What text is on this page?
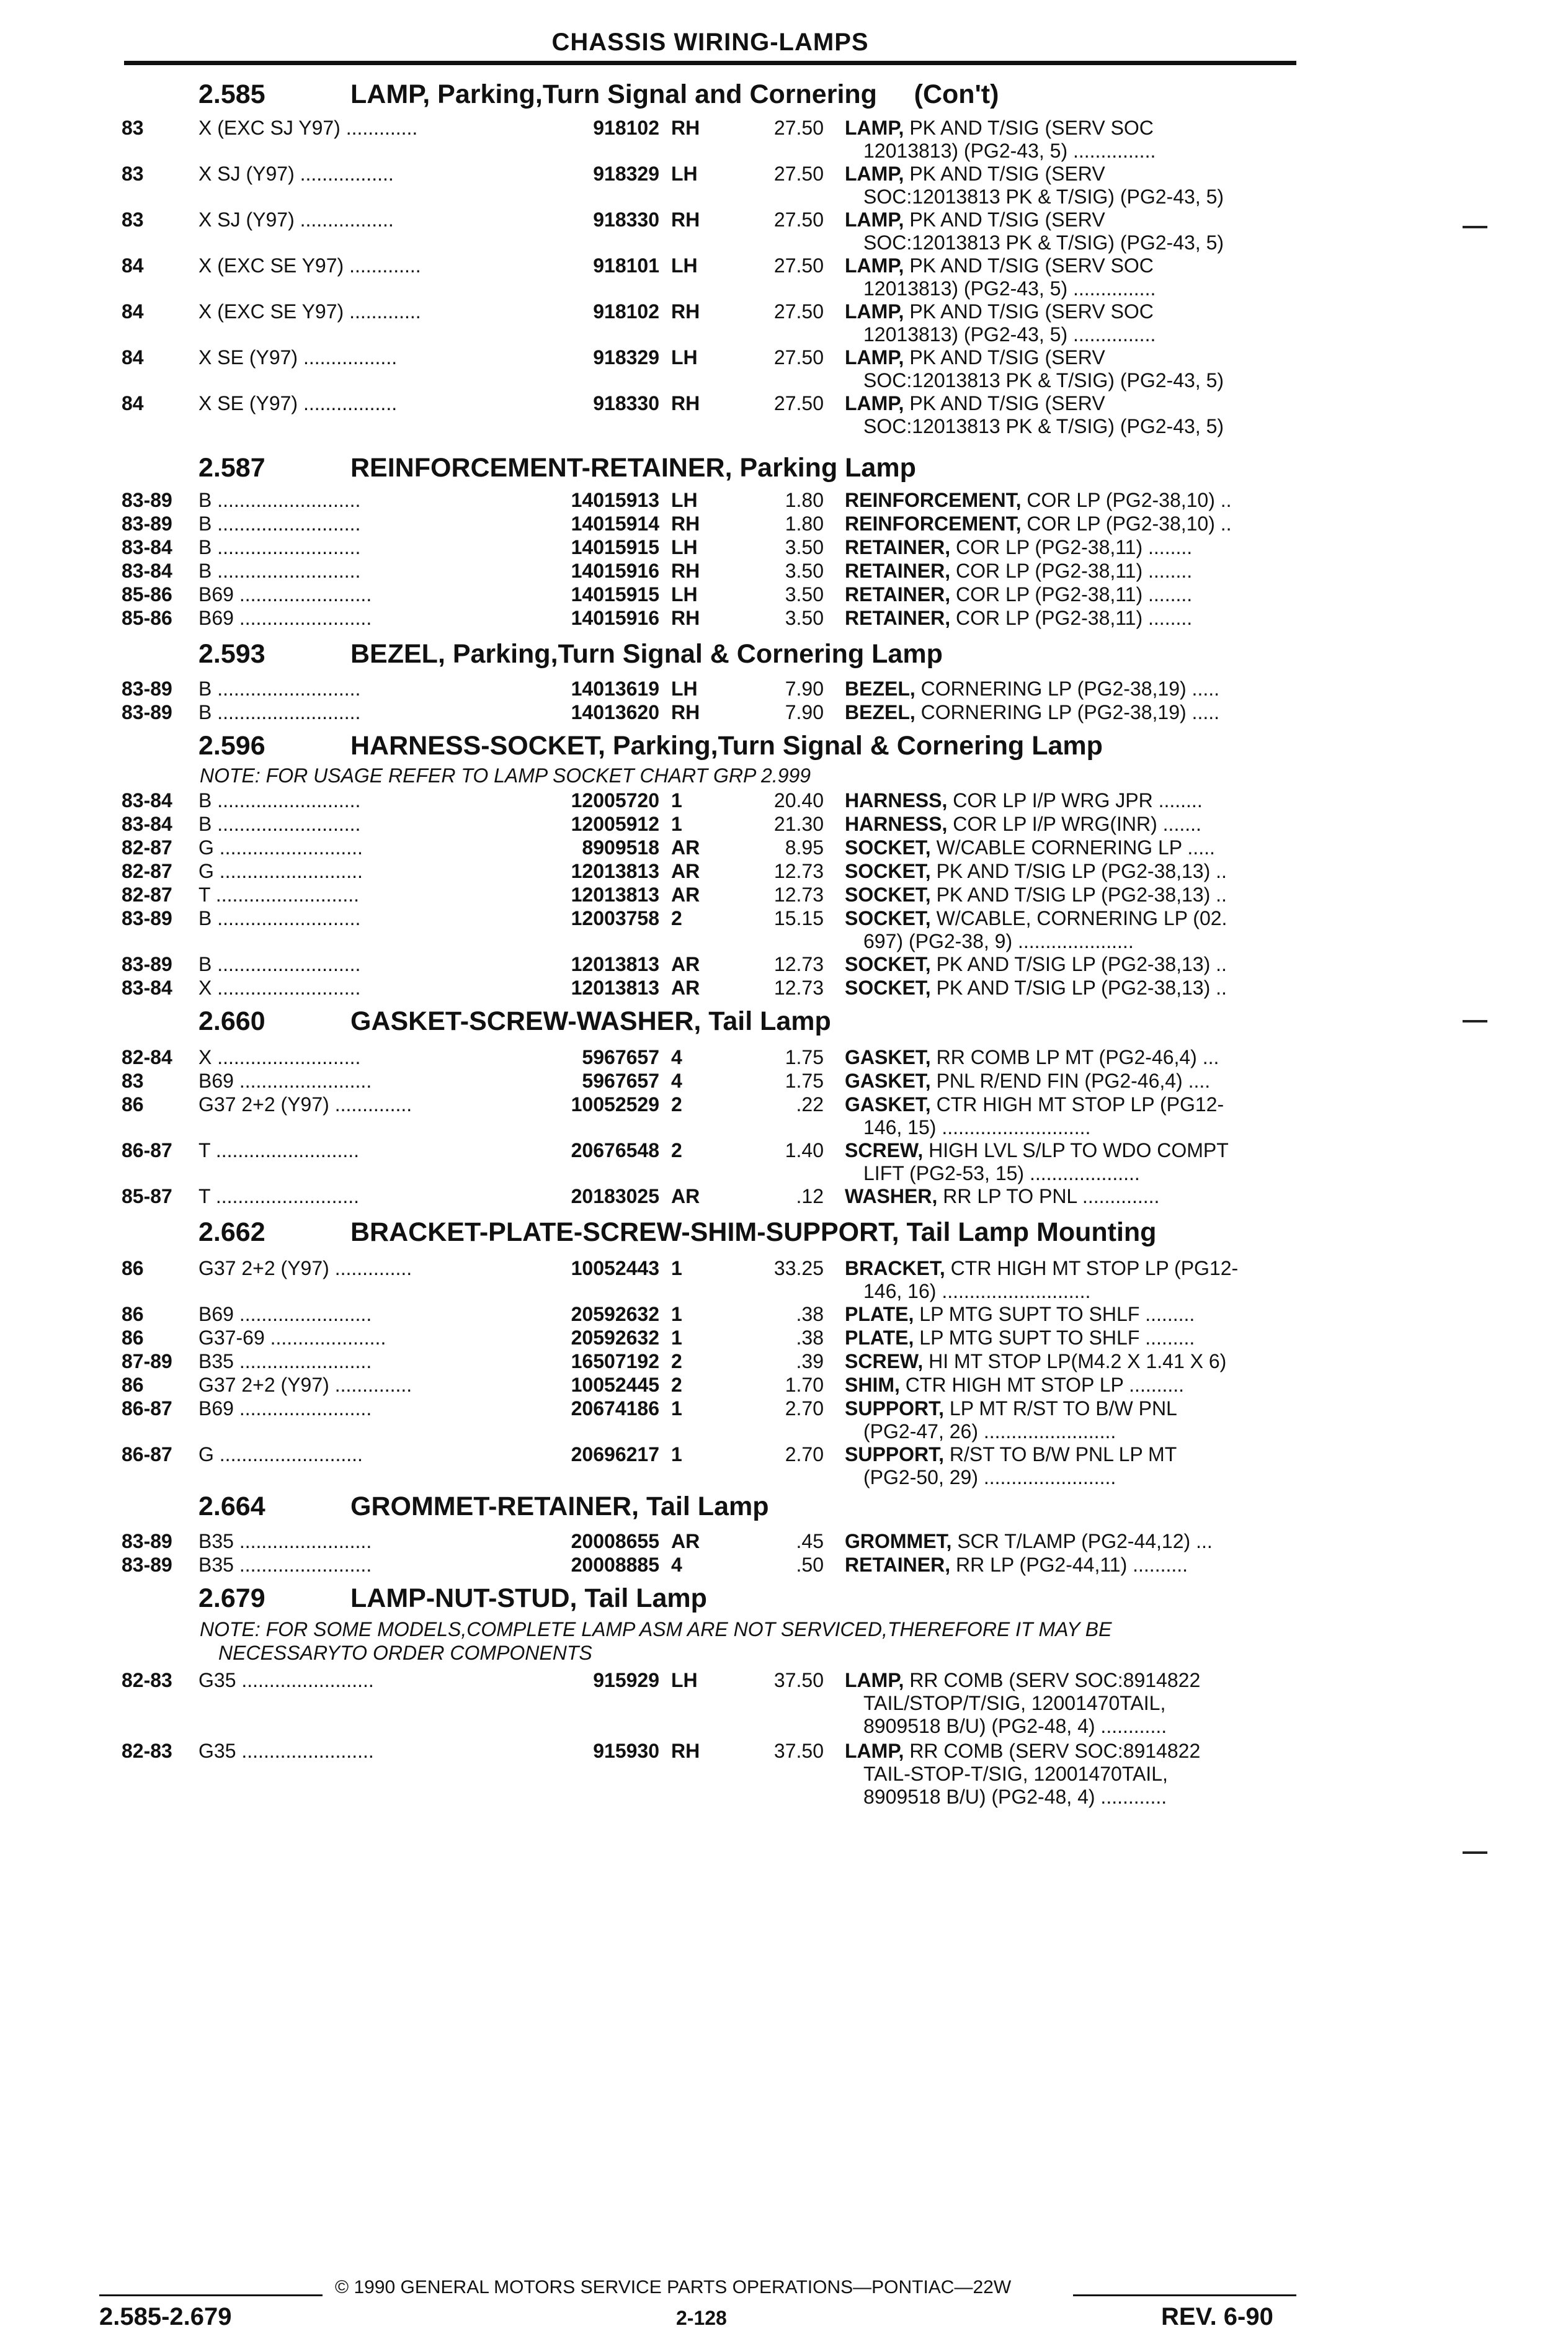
CHASSIS WIRING-LAMPS
2.585	LAMP, Parking,Turn Signal and Cornering     (Con't)
83	X (EXC SJ Y97) .............	918102 RH	27.50 LAMP, PK AND T/SIG (SERV SOC
12013813) (PG2-43, 5) ...............
83	X SJ (Y97) .................	918329 LH	27.50 LAMP, PK AND T/SIG (SERV
SOC:12013813 PK & T/SIG) (PG2-43, 5)
83	X SJ (Y97) .................	918330 RH	27.50 LAMP, PK AND T/SIG (SERV
SOC:12013813 PK & T/SIG) (PG2-43, 5)
84	X (EXC SE Y97) .............	918101 LH	27.50 LAMP, PK AND T/SIG (SERV SOC
12013813) (PG2-43, 5) ...............
84	X (EXC SE Y97) .............	918102 RH	27.50 LAMP, PK AND T/SIG (SERV SOC
12013813) (PG2-43, 5) ...............
84	X SE (Y97) .................	918329 LH	27.50 LAMP, PK AND T/SIG (SERV
SOC:12013813 PK & T/SIG) (PG2-43, 5)
84	X SE (Y97) .................	918330 RH	27.50 LAMP, PK AND T/SIG (SERV
SOC:12013813 PK & T/SIG) (PG2-43, 5)
2.587	REINFORCEMENT-RETAINER, Parking Lamp
83-89 B ..........................	14015913 LH	1.80 REINFORCEMENT, COR LP (PG2-38,10) ..
83-89 B ..........................	14015914 RH	1.80 REINFORCEMENT, COR LP (PG2-38,10) ..
83-84 B ..........................	14015915 LH	3.50 RETAINER, COR LP (PG2-38,11) ........
83-84 B ..........................	14015916 RH	3.50 RETAINER, COR LP (PG2-38,11) ........
85-86 B69 ........................	14015915 LH	3.50 RETAINER, COR LP (PG2-38,11) ........
85-86 B69 ........................	14015916 RH	3.50 RETAINER, COR LP (PG2-38,11) ........
2.593	BEZEL, Parking,Turn Signal & Cornering Lamp
83-89 B ..........................	14013619 LH	7.90 BEZEL, CORNERING LP (PG2-38,19) .....
83-89 B ..........................	14013620 RH	7.90 BEZEL, CORNERING LP (PG2-38,19) .....
2.596	HARNESS-SOCKET, Parking,Turn Signal & Cornering Lamp
NOTE: FOR USAGE REFER TO LAMP SOCKET CHART GRP 2.999
83-84 B ..........................	12005720 1	20.40 HARNESS, COR LP I/P WRG JPR ........
83-84 B ..........................	12005912 1	21.30 HARNESS, COR LP I/P WRG(INR) .......
82-87 G ..........................	8909518 AR	8.95 SOCKET, W/CABLE CORNERING LP .....
82-87 G ..........................	12013813 AR	12.73 SOCKET, PK AND T/SIG LP (PG2-38,13) ..
82-87 T ..........................	12013813 AR	12.73 SOCKET, PK AND T/SIG LP (PG2-38,13) ..
83-89 B ..........................	12003758 2	15.15 SOCKET, W/CABLE, CORNERING LP (02.
697) (PG2-38, 9) .....................
83-89 B ..........................	12013813 AR	12.73 SOCKET, PK AND T/SIG LP (PG2-38,13) ..
83-84 X ..........................	12013813 AR	12.73 SOCKET, PK AND T/SIG LP (PG2-38,13) ..
2.660	GASKET-SCREW-WASHER, Tail Lamp
82-84 X ..........................	5967657 4	1.75 GASKET, RR COMB LP MT (PG2-46,4) ...
83	B69 ........................	5967657 4	1.75 GASKET, PNL R/END FIN (PG2-46,4) ....
86	G37 2+2 (Y97) ..............	10052529 2	.22 GASKET, CTR HIGH MT STOP LP (PG12-
146, 15) ...........................
86-87 T ..........................	20676548 2	1.40 SCREW, HIGH LVL S/LP TO WDO COMPT
LIFT (PG2-53, 15) ....................
85-87 T ..........................	20183025 AR	.12 WASHER, RR LP TO PNL ..............
2.662	BRACKET-PLATE-SCREW-SHIM-SUPPORT, Tail Lamp Mounting
86	G37 2+2 (Y97) ..............	10052443 1	33.25 BRACKET, CTR HIGH MT STOP LP (PG12-
146, 16) ...........................
86	B69 ........................	20592632 1	.38 PLATE, LP MTG SUPT TO SHLF .........
86	G37-69 .....................	20592632 1	.38 PLATE, LP MTG SUPT TO SHLF .........
87-89 B35 ........................	16507192 2	.39 SCREW, HI MT STOP LP(M4.2 X 1.41 X 6)
86	G37 2+2 (Y97) ..............	10052445 2	1.70 SHIM, CTR HIGH MT STOP LP ..........
86-87 B69 ........................	20674186 1	2.70 SUPPORT, LP MT R/ST TO B/W PNL
(PG2-47, 26) ........................
86-87 G ..........................	20696217 1	2.70 SUPPORT, R/ST TO B/W PNL LP MT
(PG2-50, 29) ........................
2.664	GROMMET-RETAINER, Tail Lamp
83-89 B35 ........................	20008655 AR	.45 GROMMET, SCR T/LAMP (PG2-44,12) ...
83-89 B35 ........................	20008885 4	.50 RETAINER, RR LP (PG2-44,11) ..........
2.679	LAMP-NUT-STUD, Tail Lamp
NOTE: FOR SOME MODELS,COMPLETE LAMP ASM ARE NOT SERVICED,THEREFORE IT MAY BE
NECESSARYTO ORDER COMPONENTS
82-83 G35 ........................	915929 LH	37.50 LAMP, RR COMB (SERV SOC:8914822
TAIL/STOP/T/SIG, 12001470TAIL,
8909518 B/U) (PG2-48, 4) ............
82-83 G35 ........................	915930 RH	37.50 LAMP, RR COMB (SERV SOC:8914822
TAIL-STOP-T/SIG, 12001470TAIL,
8909518 B/U) (PG2-48, 4) ............
© 1990 GENERAL MOTORS SERVICE PARTS OPERATIONS—PONTIAC—22W
2.585-2.679	2-128	REV. 6-90
